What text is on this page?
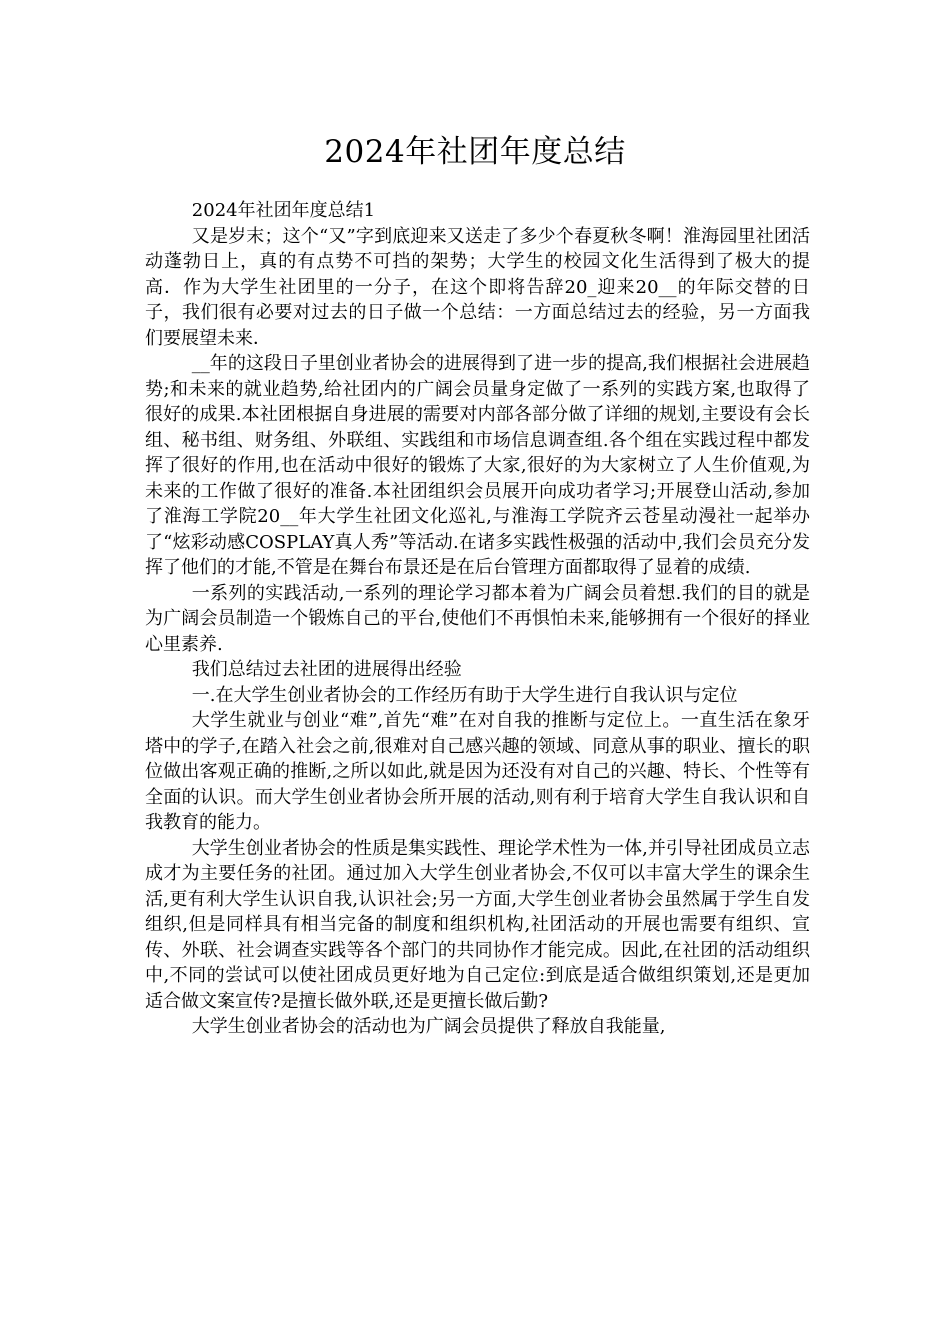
2024年社团年度总结

2024年社团年度总结1

又是岁末；这个“又”字到底迎来又送走了多少个春夏秋冬啊！淮海园里社团活动蓬勃日上，真的有点势不可挡的架势；大学生的校园文化生活得到了极大的提高．作为大学生社团里的一分子，在这个即将告辞20_迎来20__的年际交替的日子，我们很有必要对过去的日子做一个总结：一方面总结过去的经验，另一方面我们要展望未来．

__年的这段日子里创业者协会的进展得到了进一步的提高,我们根据社会进展趋势;和未来的就业趋势,给社团内的广阔会员量身定做了一系列的实践方案,也取得了很好的成果.本社团根据自身进展的需要对内部各部分做了详细的规划,主要设有会长组、秘书组、财务组、外联组、实践组和市场信息调查组.各个组在实践过程中都发挥了很好的作用,也在活动中很好的锻炼了大家,很好的为大家树立了人生价值观,为未来的工作做了很好的准备.本社团组织会员展开向成功者学习;开展登山活动,参加了淮海工学院20__年大学生社团文化巡礼,与淮海工学院齐云苍星动漫社一起举办了“炫彩动感COSPLAY真人秀”等活动.在诸多实践性极强的活动中,我们会员充分发挥了他们的才能,不管是在舞台布景还是在后台管理方面都取得了显着的成绩.

一系列的实践活动,一系列的理论学习都本着为广阔会员着想.我们的目的就是为广阔会员制造一个锻炼自己的平台,使他们不再惧怕未来,能够拥有一个很好的择业心里素养.

我们总结过去社团的进展得出经验

一.在大学生创业者协会的工作经历有助于大学生进行自我认识与定位

大学生就业与创业“难”,首先“难”在对自我的推断与定位上。一直生活在象牙塔中的学子,在踏入社会之前,很难对自己感兴趣的领域、同意从事的职业、擅长的职位做出客观正确的推断,之所以如此,就是因为还没有对自己的兴趣、特长、个性等有全面的认识。而大学生创业者协会所开展的活动,则有利于培育大学生自我认识和自我教育的能力。

大学生创业者协会的性质是集实践性、理论学术性为一体,并引导社团成员立志成才为主要任务的社团。通过加入大学生创业者协会,不仅可以丰富大学生的课余生活,更有利大学生认识自我,认识社会;另一方面,大学生创业者协会虽然属于学生自发组织,但是同样具有相当完备的制度和组织机构,社团活动的开展也需要有组织、宣传、外联、社会调查实践等各个部门的共同协作才能完成。因此,在社团的活动组织中,不同的尝试可以使社团成员更好地为自己定位:到底是适合做组织策划,还是更加适合做文案宣传?是擅长做外联,还是更擅长做后勤?

大学生创业者协会的活动也为广阔会员提供了释放自我能量,
